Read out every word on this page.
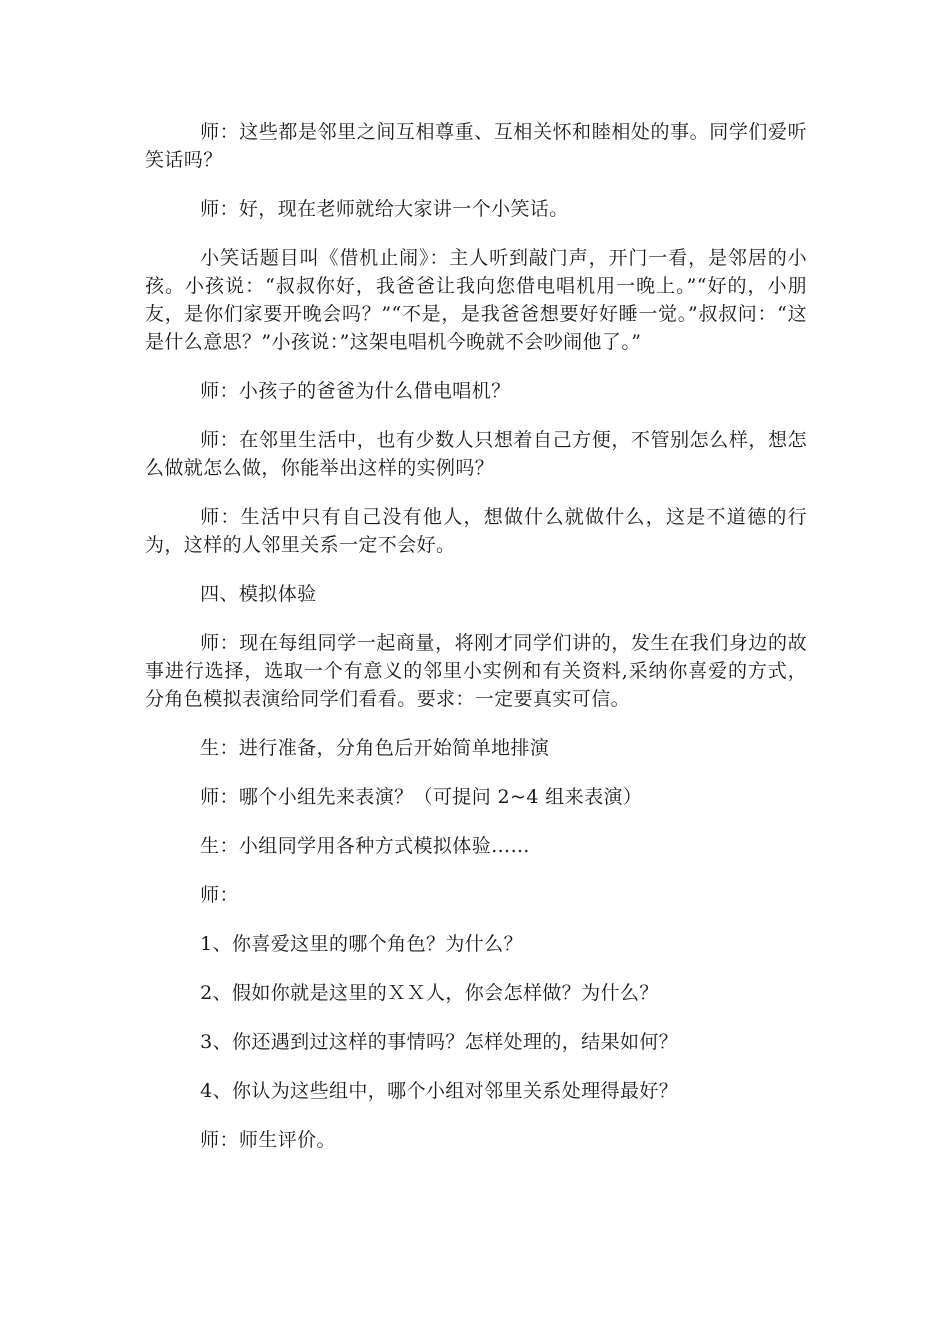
师：这些都是邻里之间互相尊重、互相关怀和睦相处的事。同学们爱听笑话吗？

师：好，现在老师就给大家讲一个小笑话。

小笑话题目叫《借机止闹》：主人听到敲门声，开门一看，是邻居的小孩。小孩说：“叔叔你好，我爸爸让我向您借电唱机用一晚上。”“好的，小朋友，是你们家要开晚会吗？”“不是，是我爸爸想要好好睡一觉。”叔叔问：“这是什么意思？”小孩说：”这架电唱机今晚就不会吵闹他了。”

师：小孩子的爸爸为什么借电唱机？

师：在邻里生活中，也有少数人只想着自己方便，不管别怎么样，想怎么做就怎么做，你能举出这样的实例吗？

师：生活中只有自己没有他人，想做什么就做什么，这是不道德的行为，这样的人邻里关系一定不会好。

四、模拟体验

师：现在每组同学一起商量，将刚才同学们讲的，发生在我们身边的故事进行选择，选取一个有意义的邻里小实例和有关资料,采纳你喜爱的方式，分角色模拟表演给同学们看看。要求：一定要真实可信。

生：进行准备，分角色后开始简单地排演

师：哪个小组先来表演？（可提问 2~4 组来表演）

生：小组同学用各种方式模拟体验……

师：

1、你喜爱这里的哪个角色？为什么？

2、假如你就是这里的ＸＸ人，你会怎样做？为什么？

3、你还遇到过这样的事情吗？怎样处理的，结果如何？

4、你认为这些组中，哪个小组对邻里关系处理得最好？

师：师生评价。
